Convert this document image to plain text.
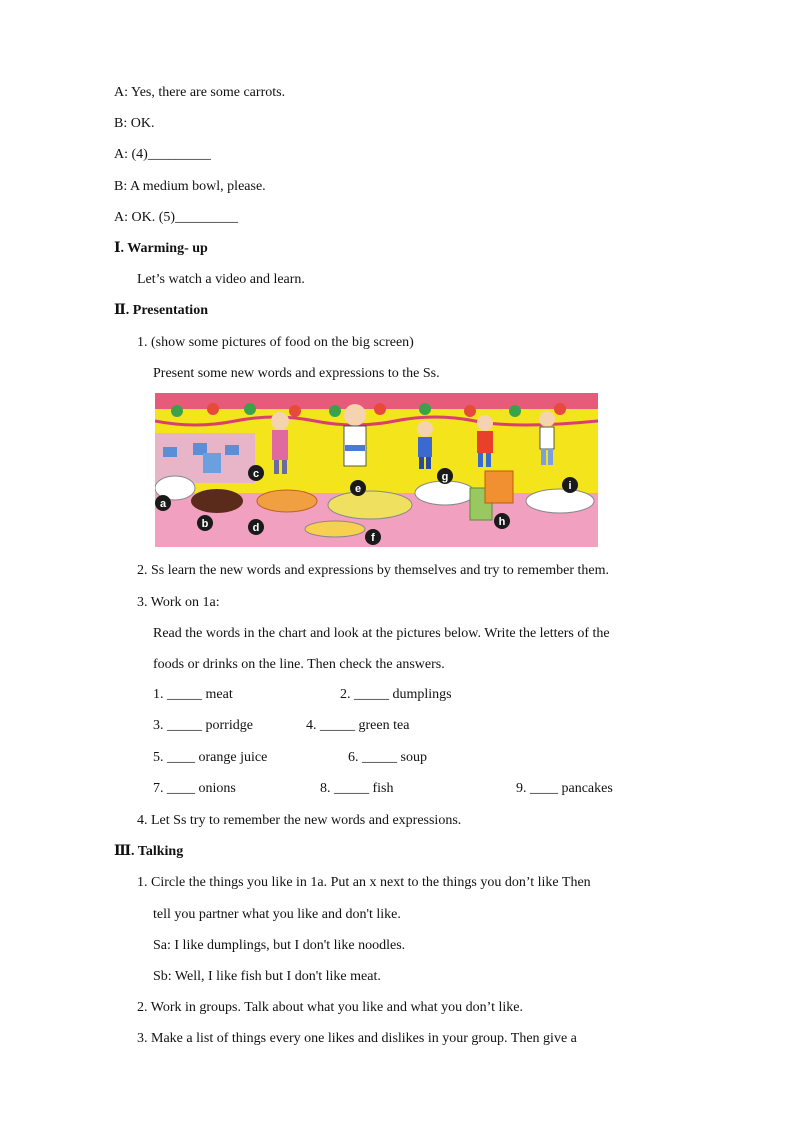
A: Yes, there are some carrots.
B: OK.
A: (4)_________
B: A medium bowl, please.
A: OK. (5)_________
Ⅰ. Warming- up
Let’s watch a video and learn.
Ⅱ. Presentation
1. (show some pictures of food on the big screen)
Present some new words and expressions to the Ss.
a
b
c
d
e
f
g
h
i
2. Ss learn the new words and expressions by themselves and try to remember them.
3. Work on 1a:
Read the words in the chart and look at the pictures below. Write the letters of the
foods or drinks on the line. Then check the answers.
1. _____ meat	2. _____ dumplings
3. _____ porridge	4. _____ green tea
5. ____ orange juice	6. _____ soup
7. ____ onions	8. _____ fish	9. ____ pancakes
4. Let Ss try to remember the new words and expressions.
Ⅲ. Talking
1. Circle the things you like in 1a. Put an x next to the things you don’t like Then
tell you partner what you like and don't like.
Sa: I like dumplings, but I don't like noodles.
Sb: Well, I like fish but I don't like meat.
2. Work in groups. Talk about what you like and what you don’t like.
3. Make a list of things every one likes and dislikes in your group. Then give a
